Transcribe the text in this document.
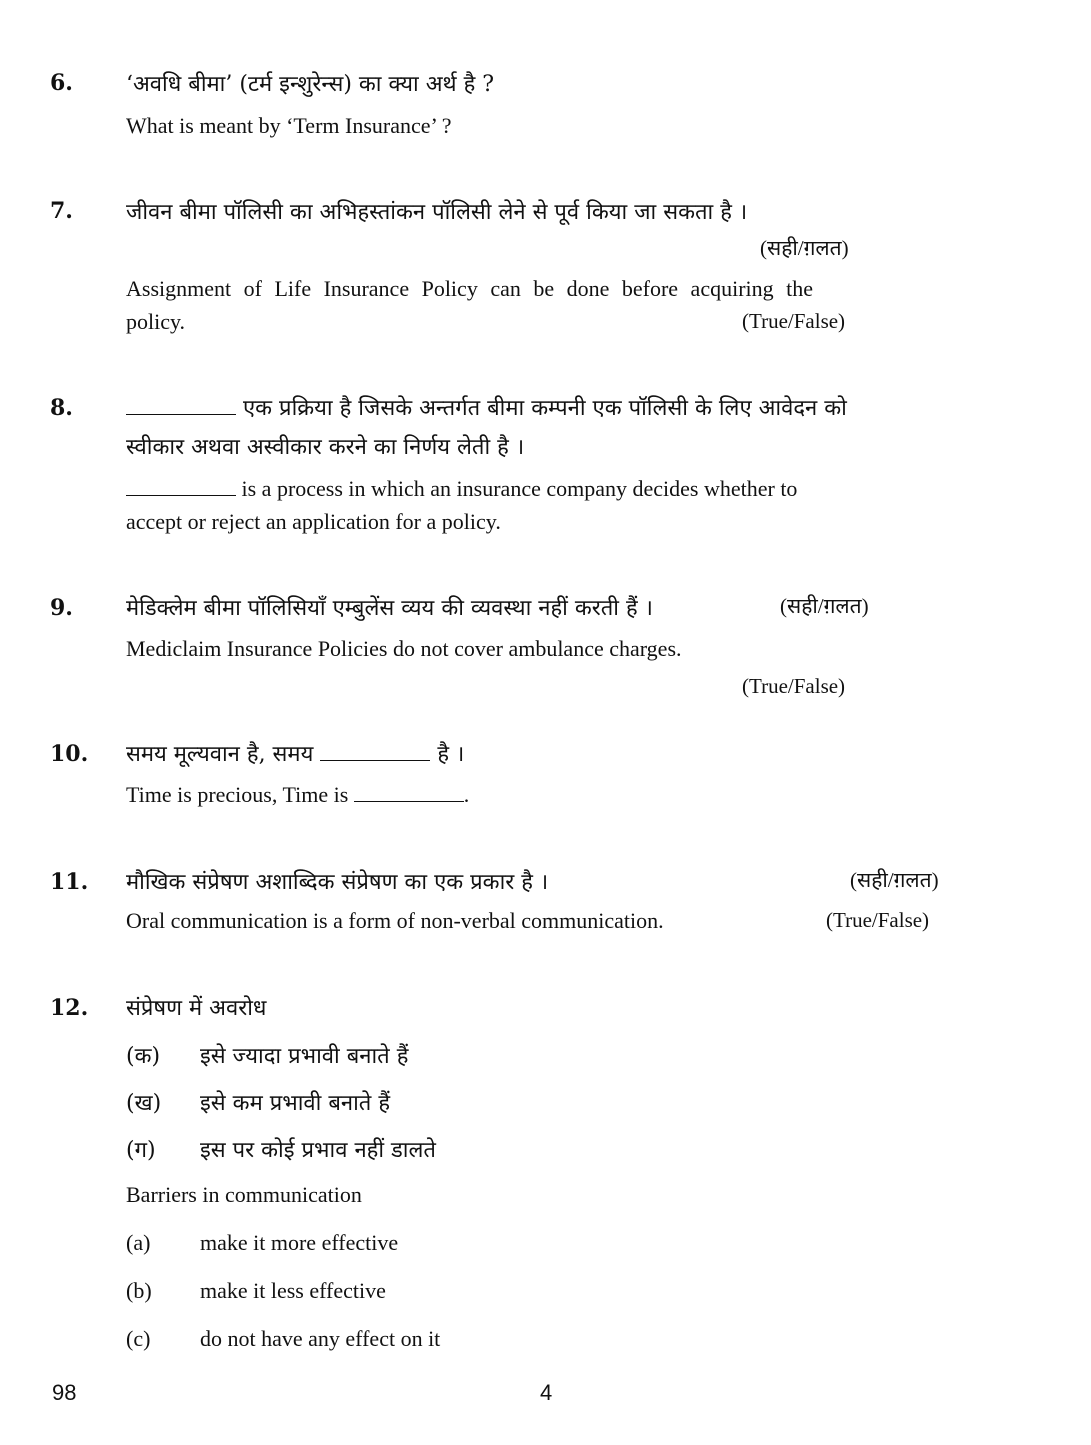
6. ‘अवधि बीमा’ (टर्म इन्शुरेन्स) का क्या अर्थ है ?
What is meant by ‘Term Insurance’ ?
7. जीवन बीमा पॉलिसी का अभिहस्तांकन पॉलिसी लेने से पूर्व किया जा सकता है ।
(सही/ग़लत)
Assignment of Life Insurance Policy can be done before acquiring the
policy.	(True/False)
8.	एक प्रक्रिया है जिसके अन्तर्गत बीमा कम्पनी एक पॉलिसी के लिए आवेदन को
स्वीकार अथवा अस्वीकार करने का निर्णय लेती है ।
is a process in which an insurance company decides whether to
accept or reject an application for a policy.
9. मेडिक्लेम बीमा पॉलिसियाँ एम्बुलेंस व्यय की व्यवस्था नहीं करती हैं ।	(सही/ग़लत)
Mediclaim Insurance Policies do not cover ambulance charges.
(True/False)
10. समय मूल्यवान है, समय	है ।
Time is precious, Time is	.
11. मौखिक संप्रेषण अशाब्दिक संप्रेषण का एक प्रकार है ।	(सही/ग़लत)
Oral communication is a form of non-verbal communication.	(True/False)
12. संप्रेषण में अवरोध
(क) इसे ज्यादा प्रभावी बनाते हैं
(ख) इसे कम प्रभावी बनाते हैं
(ग) इस पर कोई प्रभाव नहीं डालते
Barriers in communication
(a) make it more effective
(b) make it less effective
(c) do not have any effect on it
98	4
